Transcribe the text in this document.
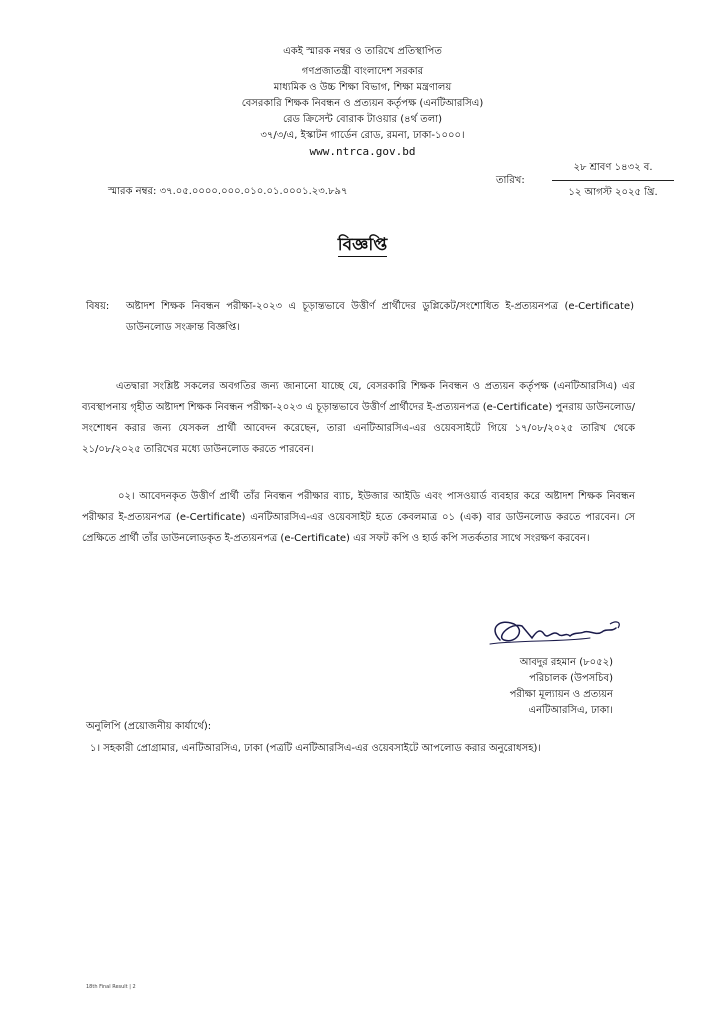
একই স্মারক নম্বর ও তারিখে প্রতিস্থাপিত
গণপ্রজাতন্ত্রী বাংলাদেশ সরকার
মাধ্যমিক ও উচ্চ শিক্ষা বিভাগ, শিক্ষা মন্ত্রণালয়
বেসরকারি শিক্ষক নিবন্ধন ও প্রত্যয়ন কর্তৃপক্ষ (এনটিআরসিএ)
রেড ক্রিসেন্ট বোরাক টাওয়ার (৪র্থ তলা)
৩৭/৩/এ, ইস্কাটন গার্ডেন রোড, রমনা, ঢাকা-১০০০।
www.ntrca.gov.bd
স্মারক নম্বর: ৩৭.০৫.০০০০.০০০.০১০.০১.০০০১.২৩.৮৯৭
তারিখ:
২৮ শ্রাবণ ১৪৩২ ব.
১২ আগস্ট ২০২৫ খ্রি.
বিজ্ঞপ্তি
বিষয়: অষ্টাদশ শিক্ষক নিবন্ধন পরীক্ষা-২০২৩ এ চূড়ান্তভাবে উত্তীর্ণ প্রার্থীদের ডুপ্লিকেট/সংশোধিত ই-প্রত্যয়নপত্র (e-Certificate) ডাউনলোড সংক্রান্ত বিজ্ঞপ্তি।
এতদ্বারা সংশ্লিষ্ট সকলের অবগতির জন্য জানানো যাচ্ছে যে, বেসরকারি শিক্ষক নিবন্ধন ও প্রত্যয়ন কর্তৃপক্ষ (এনটিআরসিএ) এর ব্যবস্থাপনায় গৃহীত অষ্টাদশ শিক্ষক নিবন্ধন পরীক্ষা-২০২৩ এ চূড়ান্তভাবে উত্তীর্ণ প্রার্থীদের ই-প্রত্যয়নপত্র (e-Certificate) পুনরায় ডাউনলোড/সংশোধন করার জন্য যেসকল প্রার্থী আবেদন করেছেন, তারা এনটিআরসিএ-এর ওয়েবসাইটে গিয়ে ১৭/০৮/২০২৫ তারিখ থেকে ২১/০৮/২০২৫ তারিখের মধ্যে ডাউনলোড করতে পারবেন।
০২। আবেদনকৃত উত্তীর্ণ প্রার্থী তাঁর নিবন্ধন পরীক্ষার ব্যাচ, ইউজার আইডি এবং পাসওয়ার্ড ব্যবহার করে অষ্টাদশ শিক্ষক নিবন্ধন পরীক্ষার ই-প্রত্যয়নপত্র (e-Certificate) এনটিআরসিএ-এর ওয়েবসাইট হতে কেবলমাত্র ০১ (এক) বার ডাউনলোড করতে পারবেন। সে প্রেক্ষিতে প্রার্থী তাঁর ডাউনলোডকৃত ই-প্রত্যয়নপত্র (e-Certificate) এর সফট কপি ও হার্ড কপি সতর্কতার সাথে সংরক্ষণ করবেন।
আবদুর রহমান (৮০৫২)
পরিচালক (উপসচিব)
পরীক্ষা মূল্যায়ন ও প্রত্যয়ন
এনটিআরসিএ, ঢাকা।
অনুলিপি (প্রয়োজনীয় কার্যার্থে):
১। সহকারী প্রোগ্রামার, এনটিআরসিএ, ঢাকা (পত্রটি এনটিআরসিএ-এর ওয়েবসাইটে আপলোড করার অনুরোধসহ)।
18th Final Result | 2
